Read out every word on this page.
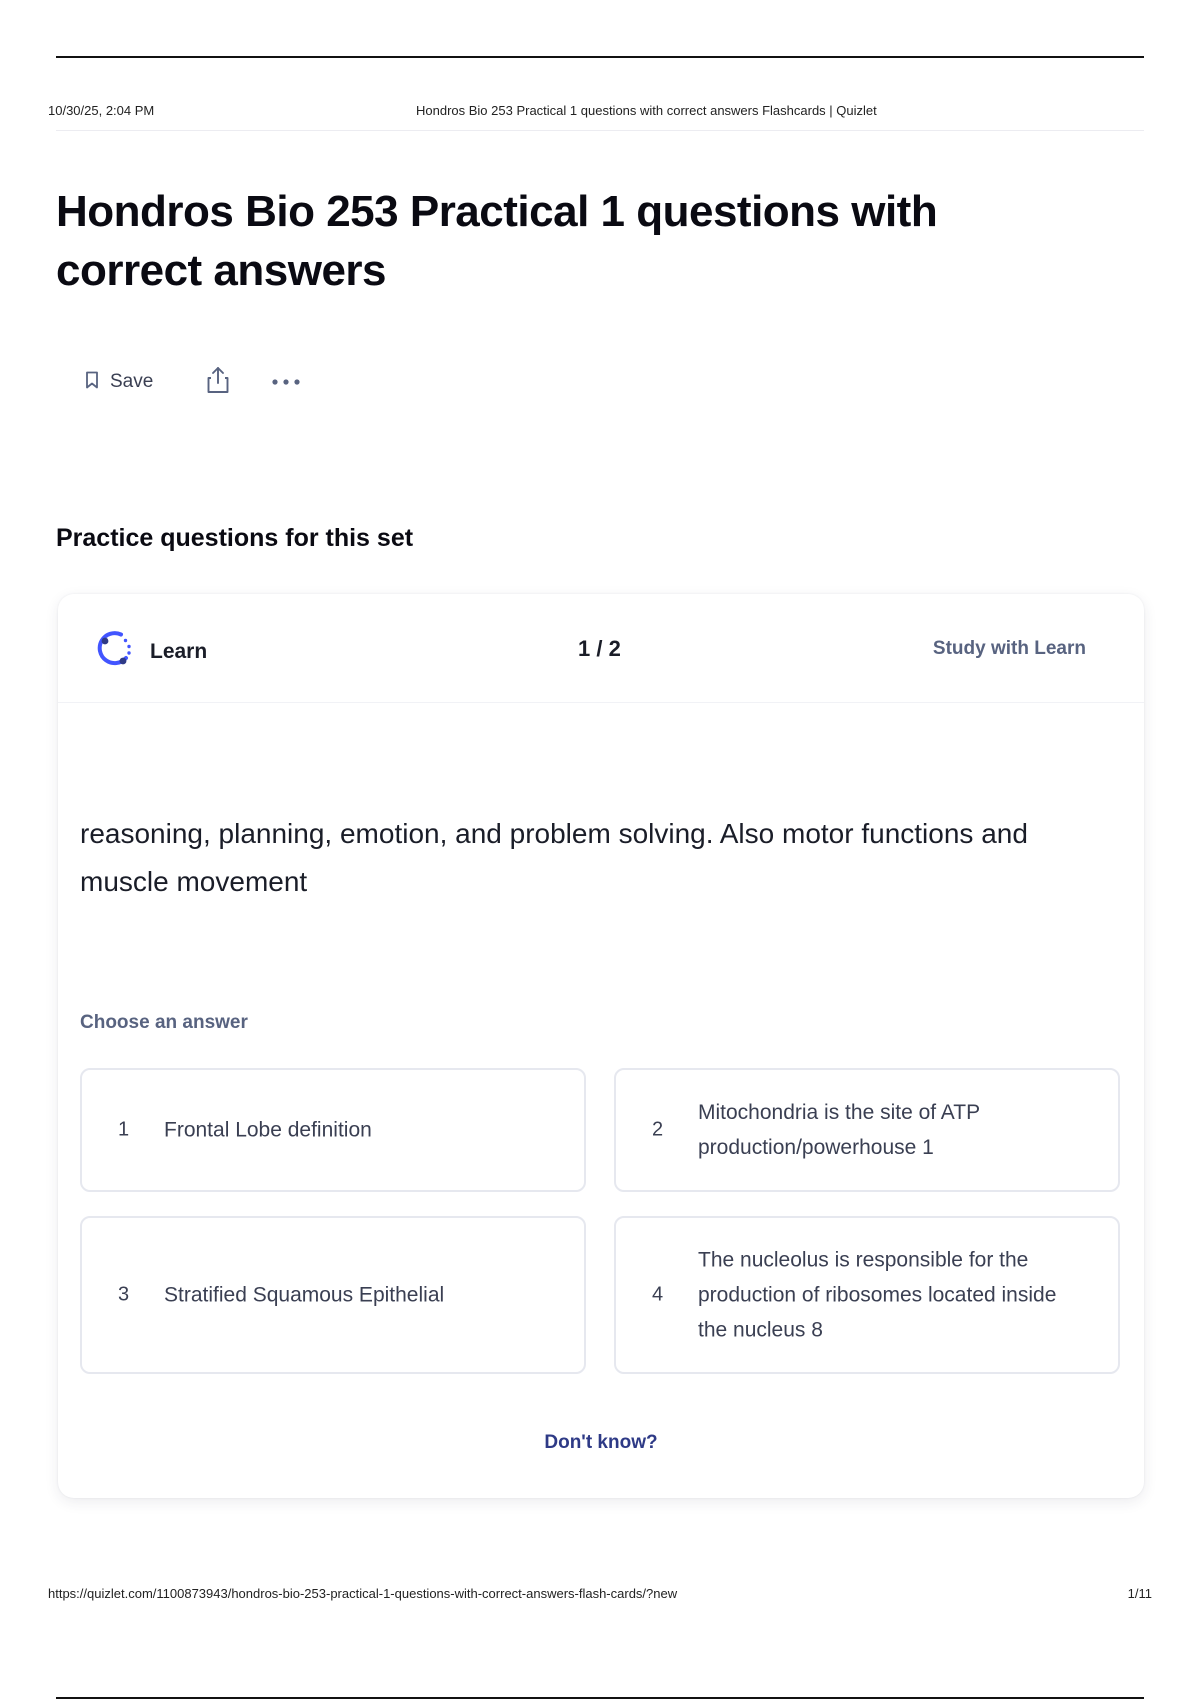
10/30/25, 2:04 PM	Hondros Bio 253 Practical 1 questions with correct answers Flashcards | Quizlet
Hondros Bio 253 Practical 1 questions with correct answers
Save
Practice questions for this set
Learn	1 / 2	Study with Learn
reasoning, planning, emotion, and problem solving. Also motor functions and muscle movement
Choose an answer
1 Frontal Lobe definition	2
Mitochondria is the site of ATP production/powerhouse 1
3 Stratified Squamous Epithelial	4
The nucleolus is responsible for the production of ribosomes located inside the nucleus 8
Don't know?
https://quizlet.com/1100873943/hondros-bio-253-practical-1-questions-with-correct-answers-flash-cards/?new	1/11
